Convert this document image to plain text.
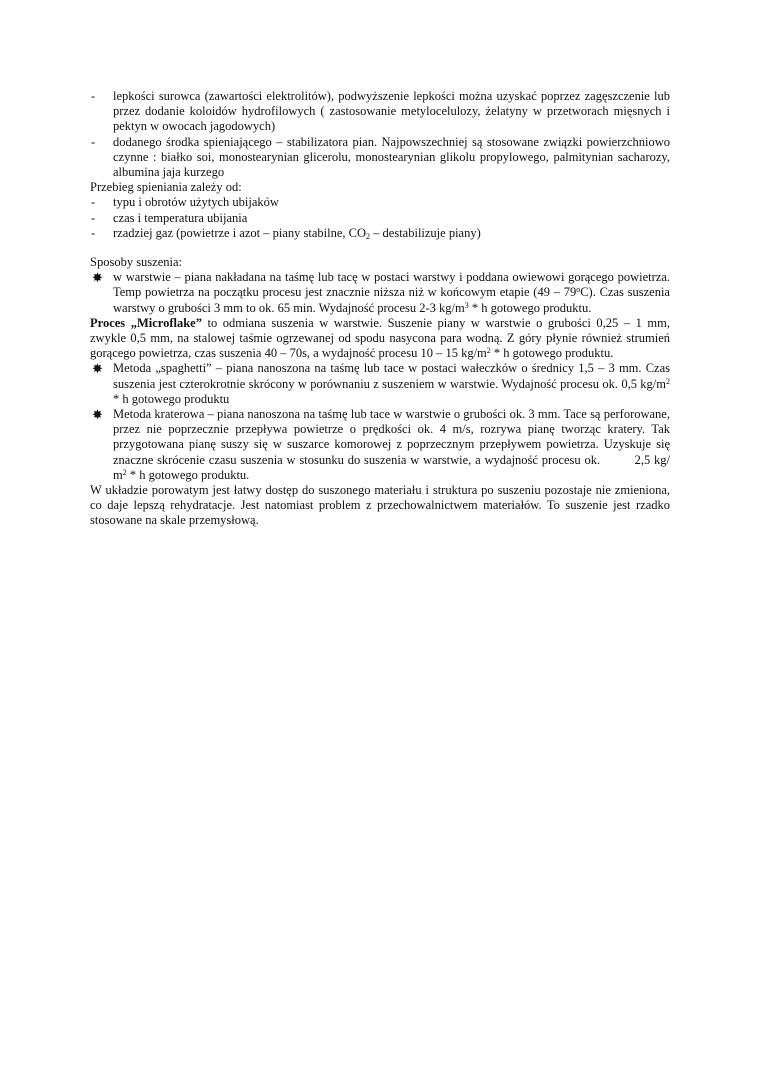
- lepkości surowca (zawartości elektrolitów), podwyższenie lepkości można uzyskać poprzez zagęszczenie lub przez dodanie koloidów hydrofilowych ( zastosowanie metylocelulozy, żelatyny w przetworach mięsnych i pektyn w owocach jagodowych)
- dodanego środka spieniającego – stabilizatora pian. Najpowszechniej są stosowane związki powierzchniowo czynne : białko soi, monostearynian glicerolu, monostearynian glikolu propylowego, palmitynian sacharozy, albumina jaja kurzego

Przebieg spieniania zależy od:

- typu i obrotów użytych ubijaków
- czas i temperatura ubijania
- rzadziej gaz (powietrze i azot – piany stabilne, $CO_2$ – destabilizuje piany)

Sposoby suszenia:

✸ w warstwie – piana nakładana na taśmę lub tacę w postaci warstwy i poddana owiewowi gorącego powietrza. Temp powietrza na początku procesu jest znacznie niższa niż w końcowym etapie (49 – 79$^o$C). Czas suszenia warstwy o grubości 3 mm to ok. 65 min. Wydajność procesu 2-3 $kg/m^3$ * h gotowego produktu.

Proces „Microflake” to odmiana suszenia w warstwie. Suszenie piany w warstwie o grubości 0,25 – 1 mm, zwykle 0,5 mm, na stalowej taśmie ogrzewanej od spodu nasycona para wodną. Z góry płynie również strumień gorącego powietrza, czas suszenia 40 – 70s, a wydajność procesu 10 – 15 $kg/m^2$ * h gotowego produktu.

✸ Metoda „spaghetti” – piana nanoszona na taśmę lub tace w postaci wałeczków o średnicy 1,5 – 3 mm. Czas suszenia jest czterokrotnie skrócony w porównaniu z suszeniem w warstwie. Wydajność procesu ok. 0,5 $kg/m^2$ * h gotowego produktu
✸ Metoda kraterowa – piana nanoszona na taśmę lub tace w warstwie o grubości ok. 3 mm. Tace są perforowane, przez nie poprzecznie przepływa powietrze o prędkości ok. 4 m/s, rozrywa pianę tworząc kratery. Tak przygotowana pianę suszy się w suszarce komorowej z poprzecznym przepływem powietrza. Uzyskuje się znaczne skrócenie czasu suszenia w stosunku do suszenia w warstwie, a wydajność procesu ok.         2,5 kg/ $m^2$ * h gotowego produktu.

W układzie porowatym jest łatwy dostęp do suszonego materiału i struktura po suszeniu pozostaje nie zmieniona, co daje lepszą rehydratacje. Jest natomiast problem z przechowalnictwem materiałów. To suszenie jest rzadko stosowane na skale przemysłową.
